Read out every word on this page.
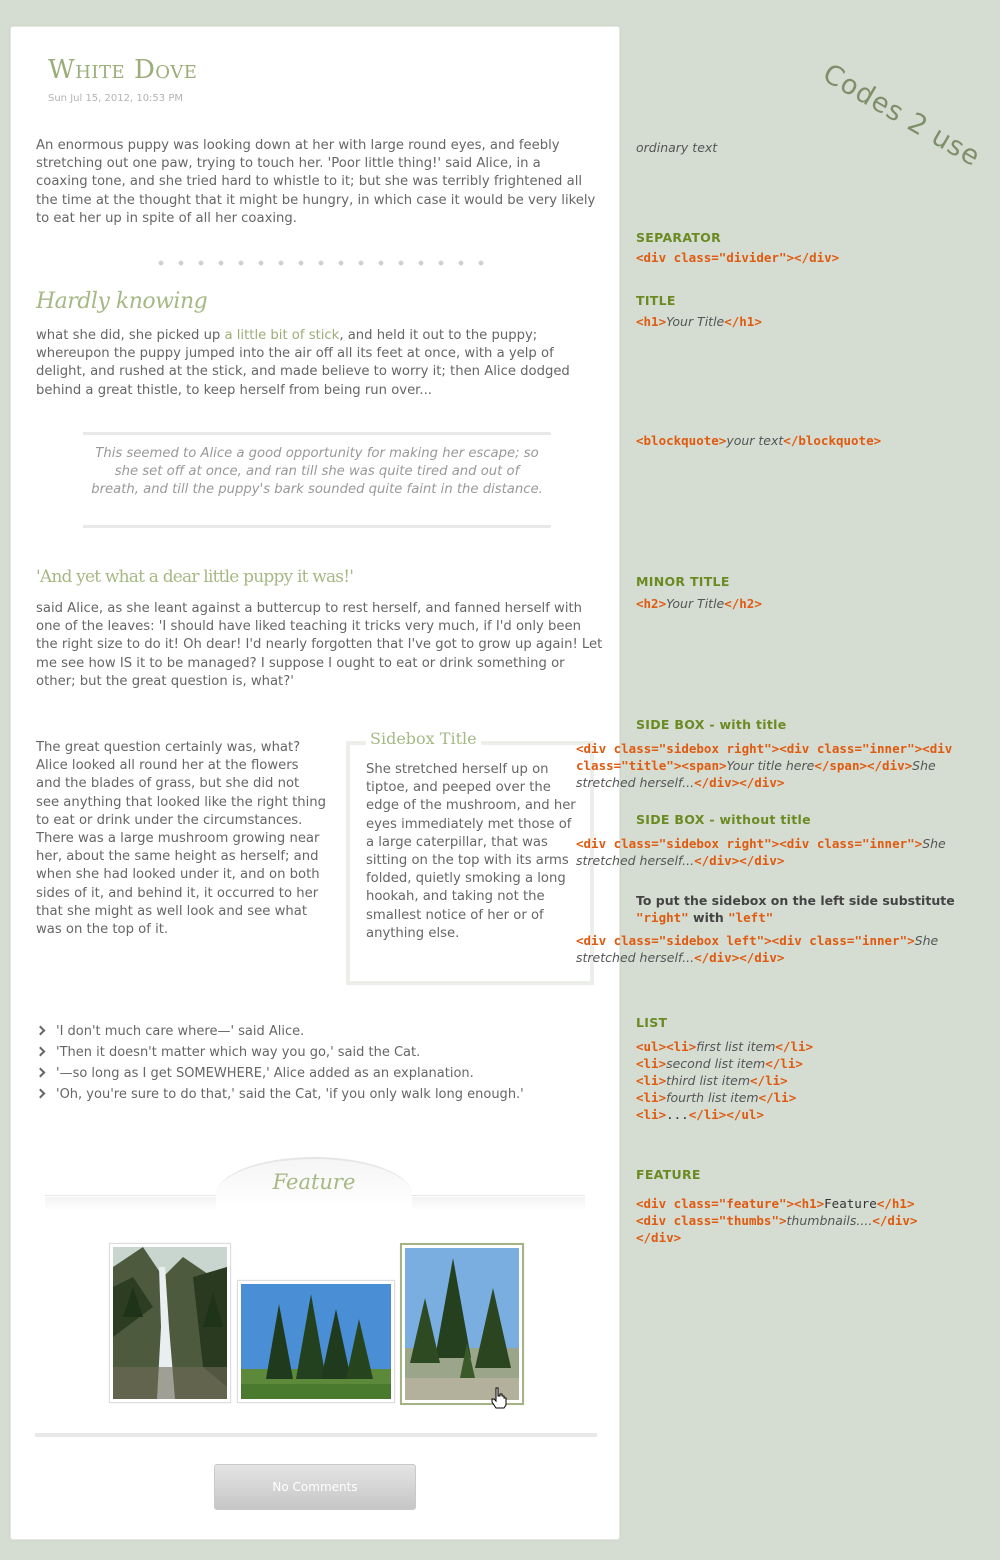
White Dove
Sun Jul 15, 2012, 10:53 PM
An enormous puppy was looking down at her with large round eyes, and feebly stretching out one paw, trying to touch her. 'Poor little thing!' said Alice, in a coaxing tone, and she tried hard to whistle to it; but she was terribly frightened all the time at the thought that it might be hungry, in which case it would be very likely to eat her up in spite of all her coaxing.
Hardly knowing
what she did, she picked up a little bit of stick, and held it out to the puppy; whereupon the puppy jumped into the air off all its feet at once, with a yelp of delight, and rushed at the stick, and made believe to worry it; then Alice dodged behind a great thistle, to keep herself from being run over...
This seemed to Alice a good opportunity for making her escape; so she set off at once, and ran till she was quite tired and out of breath, and till the puppy's bark sounded quite faint in the distance.
'And yet what a dear little puppy it was!'
said Alice, as she leant against a buttercup to rest herself, and fanned herself with one of the leaves: 'I should have liked teaching it tricks very much, if I'd only been the right size to do it! Oh dear! I'd nearly forgotten that I've got to grow up again! Let me see how IS it to be managed? I suppose I ought to eat or drink something or other; but the great question is, what?'
The great question certainly was, what? Alice looked all round her at the flowers and the blades of grass, but she did not see anything that looked like the right thing to eat or drink under the circumstances. There was a large mushroom growing near her, about the same height as herself; and when she had looked under it, and on both sides of it, and behind it, it occurred to her that she might as well look and see what was on the top of it.
Sidebox Title
She stretched herself up on tiptoe, and peeped over the edge of the mushroom, and her eyes immediately met those of a large caterpillar, that was sitting on the top with its arms folded, quietly smoking a long hookah, and taking not the smallest notice of her or of anything else.
'I don't much care where—' said Alice.
'Then it doesn't matter which way you go,' said the Cat.
'—so long as I get SOMEWHERE,' Alice added as an explanation.
'Oh, you're sure to do that,' said the Cat, 'if you only walk long enough.'
Feature
No Comments
Codes 2 use
ordinary text
SEPARATOR
<div class="divider"></div>
TITLE
<h1>Your Title</h1>
<blockquote>your text</blockquote>
MINOR TITLE
<h2>Your Title</h2>
SIDE BOX - with title
<div class="sidebox right"><div class="inner"><div class="title"><span>Your title here</span></div>She stretched herself...</div></div>
SIDE BOX - without title
<div class="sidebox right"><div class="inner">She stretched herself...</div></div>
To put the sidebox on the left side substitute "right" with "left"
<div class="sidebox left"><div class="inner">She stretched herself...</div></div>
LIST
<ul><li>first list item</li>
<li>second list item</li>
<li>third list item</li>
<li>fourth list item</li>
<li>...</li></ul>
FEATURE
<div class="feature"><h1>Feature</h1>
<div class="thumbs">thumbnails....</div>
</div>
